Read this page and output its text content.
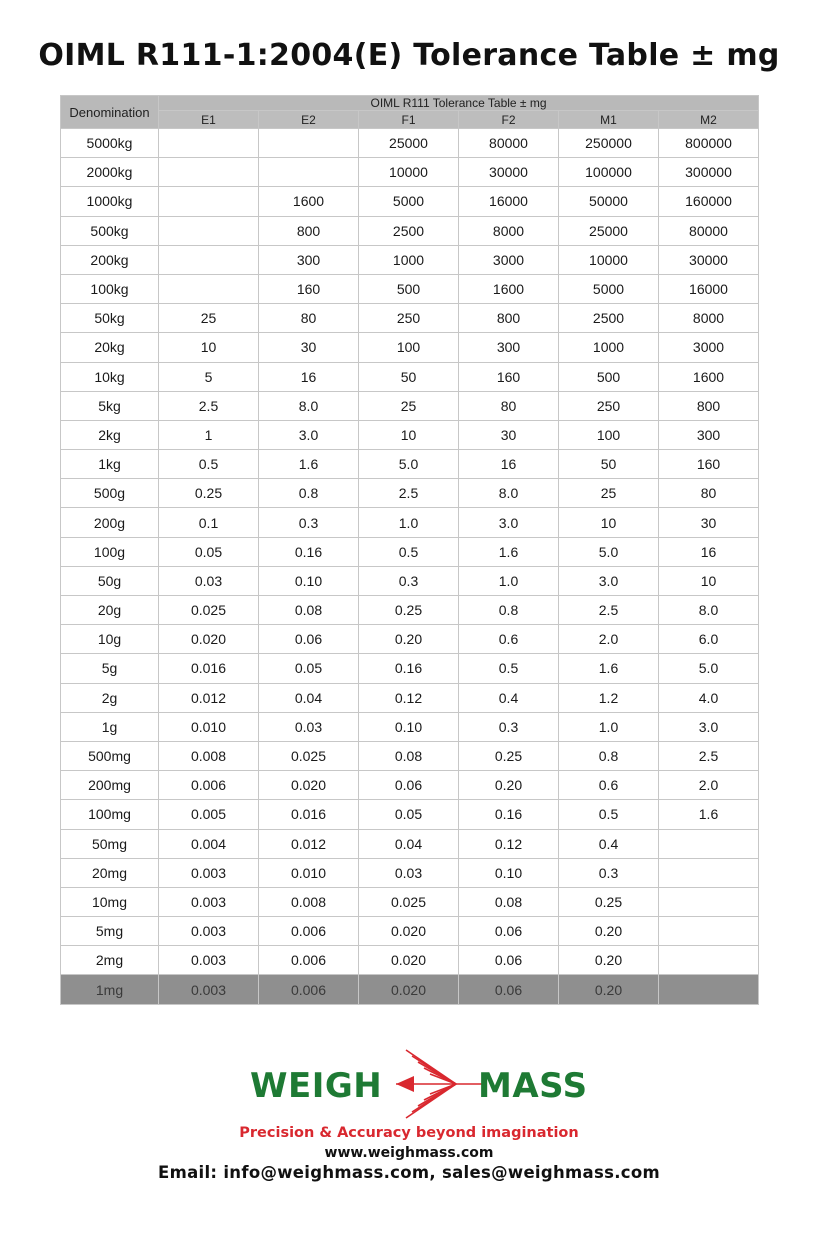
OIML R111-1:2004(E) Tolerance Table ± mg
Denomination	OIML R111 Tolerance Table ± mg					
	E1	E2	F1	F2	M1	M2
5000kg			25000	80000	250000	800000
2000kg			10000	30000	100000	300000
1000kg		1600	5000	16000	50000	160000
500kg		800	2500	8000	25000	80000
200kg		300	1000	3000	10000	30000
100kg		160	500	1600	5000	16000
50kg	25	80	250	800	2500	8000
20kg	10	30	100	300	1000	3000
10kg	5	16	50	160	500	1600
5kg	2.5	8.0	25	80	250	800
2kg	1	3.0	10	30	100	300
1kg	0.5	1.6	5.0	16	50	160
500g	0.25	0.8	2.5	8.0	25	80
200g	0.1	0.3	1.0	3.0	10	30
100g	0.05	0.16	0.5	1.6	5.0	16
50g	0.03	0.10	0.3	1.0	3.0	10
20g	0.025	0.08	0.25	0.8	2.5	8.0
10g	0.020	0.06	0.20	0.6	2.0	6.0
5g	0.016	0.05	0.16	0.5	1.6	5.0
2g	0.012	0.04	0.12	0.4	1.2	4.0
1g	0.010	0.03	0.10	0.3	1.0	3.0
500mg	0.008	0.025	0.08	0.25	0.8	2.5
200mg	0.006	0.020	0.06	0.20	0.6	2.0
100mg	0.005	0.016	0.05	0.16	0.5	1.6
50mg	0.004	0.012	0.04	0.12	0.4	
20mg	0.003	0.010	0.03	0.10	0.3	
10mg	0.003	0.008	0.025	0.08	0.25	
5mg	0.003	0.006	0.020	0.06	0.20	
2mg	0.003	0.006	0.020	0.06	0.20	
1mg	0.003	0.006	0.020	0.06	0.20	
WEIGH	MASS
Precision & Accuracy beyond imagination
www.weighmass.com
Email: info@weighmass.com, sales@weighmass.com
